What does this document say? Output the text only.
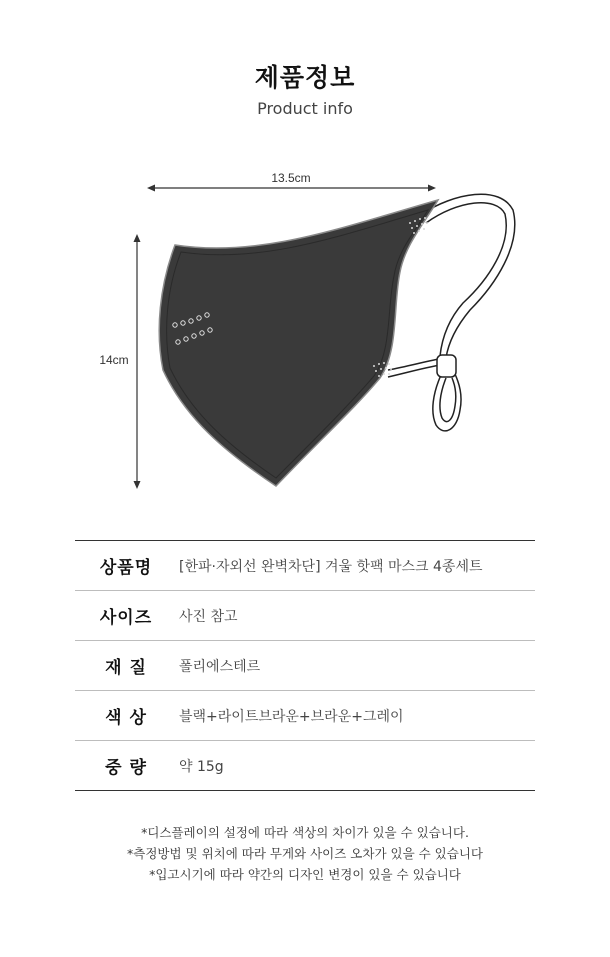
제품정보
Product info
13.5cm
14cm
상품명	[한파·자외선 완벽차단] 겨울 핫팩 마스크 4종세트
사이즈	사진 참고
재 질	폴리에스테르
색 상	블랙+라이트브라운+브라운+그레이
중 량	약 15g
*디스플레이의 설정에 따라 색상의 차이가 있을 수 있습니다.
*측정방법 및 위치에 따라 무게와 사이즈 오차가 있을 수 있습니다
*입고시기에 따라 약간의 디자인 변경이 있을 수 있습니다
